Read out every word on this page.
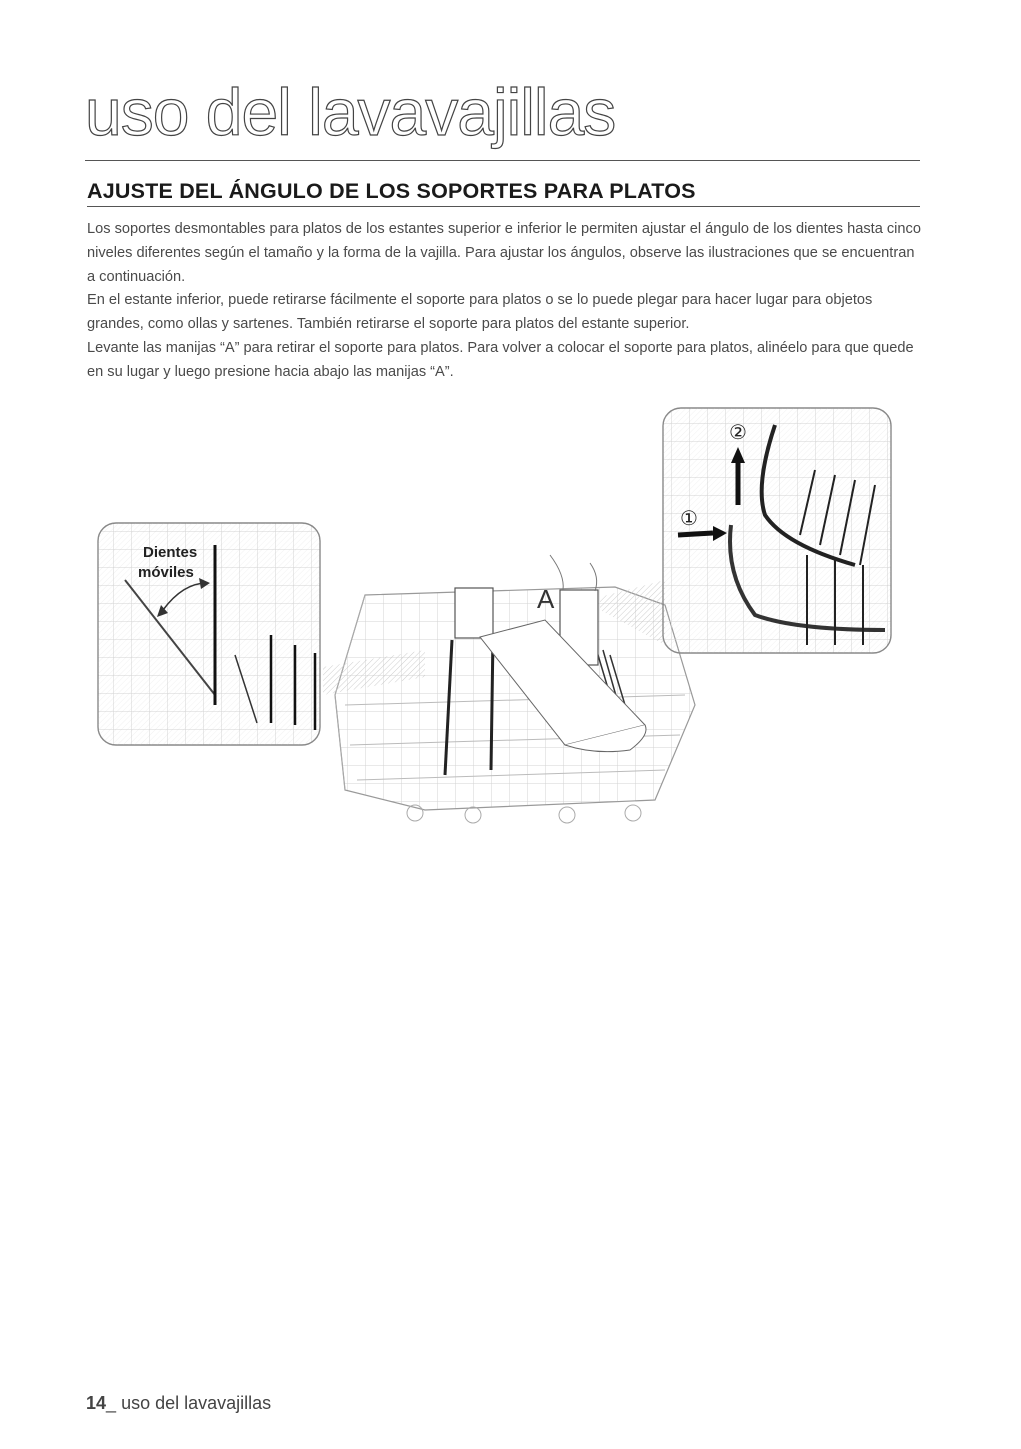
uso del lavavajillas
AJUSTE DEL ÁNGULO DE LOS SOPORTES PARA PLATOS

Los soportes desmontables para platos de los estantes superior e inferior le permiten ajustar el ángulo de los dientes hasta cinco niveles diferentes según el tamaño y la forma de la vajilla. Para ajustar los ángulos, observe las ilustraciones que se encuentran a continuación.

En el estante inferior, puede retirarse fácilmente el soporte para platos o se lo puede plegar para hacer lugar para objetos grandes, como ollas y sartenes. También retirarse el soporte para platos del estante superior.

Levante las manijas “A” para retirar el soporte para platos. Para volver a colocar el soporte para platos, alinéelo para que quede en su lugar y luego presione hacia abajo las manijas “A”.

A
Dientes
móviles
①
②
14_ uso del lavavajillas
